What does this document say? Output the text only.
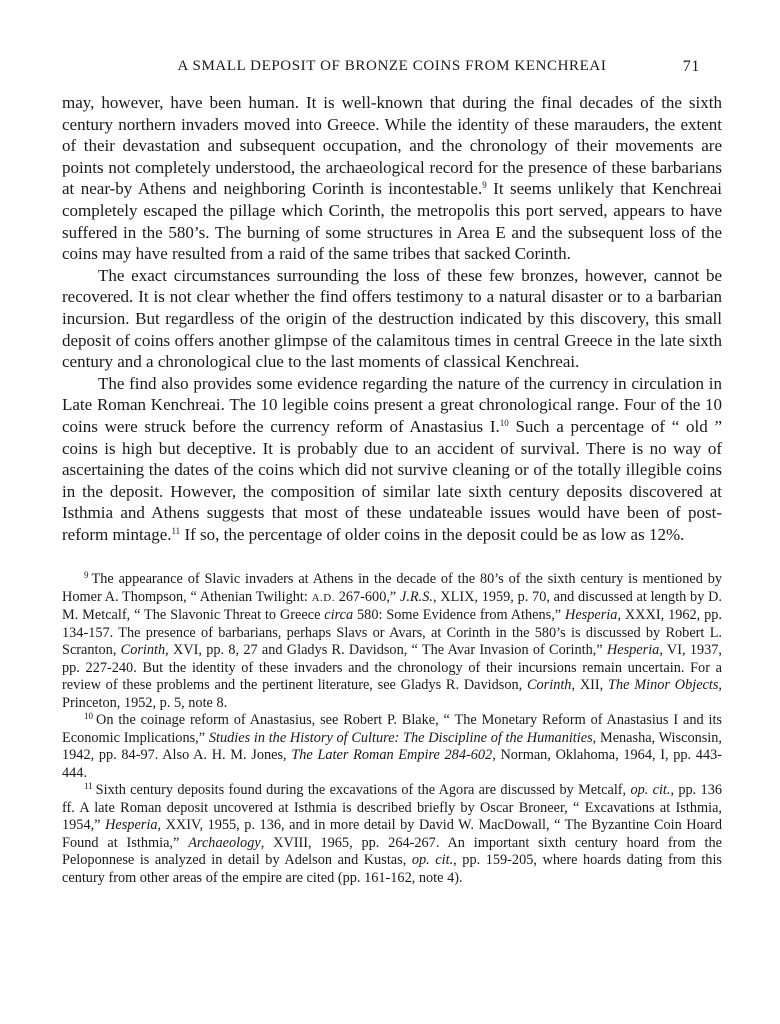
A SMALL DEPOSIT OF BRONZE COINS FROM KENCHREAI	71

may, however, have been human. It is well-known that during the final decades of the sixth century northern invaders moved into Greece. While the identity of these marauders, the extent of their devastation and subsequent occupation, and the chronology of their movements are points not completely understood, the archaeological record for the presence of these barbarians at near-by Athens and neighboring Corinth is incontestable.$^9$ It seems unlikely that Kenchreai completely escaped the pillage which Corinth, the metropolis this port served, appears to have suffered in the 580’s. The burning of some structures in Area E and the subsequent loss of the coins may have resulted from a raid of the same tribes that sacked Corinth.

The exact circumstances surrounding the loss of these few bronzes, however, cannot be recovered. It is not clear whether the find offers testimony to a natural disaster or to a barbarian incursion. But regardless of the origin of the destruction indicated by this discovery, this small deposit of coins offers another glimpse of the calamitous times in central Greece in the late sixth century and a chronological clue to the last moments of classical Kenchreai.

The find also provides some evidence regarding the nature of the currency in circulation in Late Roman Kenchreai. The 10 legible coins present a great chronological range. Four of the 10 coins were struck before the currency reform of Anastasius I.$^{10}$ Such a percentage of “ old ” coins is high but deceptive. It is probably due to an accident of survival. There is no way of ascertaining the dates of the coins which did not survive cleaning or of the totally illegible coins in the deposit. However, the composition of similar late sixth century deposits discovered at Isthmia and Athens suggests that most of these undateable issues would have been of post-reform mintage.$^{11}$ If so, the percentage of older coins in the deposit could be as low as 12%.

$^9$ The appearance of Slavic invaders at Athens in the decade of the 80’s of the sixth century is mentioned by Homer A. Thompson, “ Athenian Twilight: A.D. 267-600,” J.R.S., XLIX, 1959, p. 70, and discussed at length by D. M. Metcalf, “ The Slavonic Threat to Greece circa 580: Some Evidence from Athens,” Hesperia, XXXI, 1962, pp. 134-157. The presence of barbarians, perhaps Slavs or Avars, at Corinth in the 580’s is discussed by Robert L. Scranton, Corinth, XVI, pp. 8, 27 and Gladys R. Davidson, “ The Avar Invasion of Corinth,” Hesperia, VI, 1937, pp. 227-240. But the identity of these invaders and the chronology of their incursions remain uncertain. For a review of these problems and the pertinent literature, see Gladys R. Davidson, Corinth, XII, The Minor Objects, Princeton, 1952, p. 5, note 8.

$^{10}$ On the coinage reform of Anastasius, see Robert P. Blake, “ The Monetary Reform of Anastasius I and its Economic Implications,” Studies in the History of Culture: The Discipline of the Humanities, Menasha, Wisconsin, 1942, pp. 84-97. Also A. H. M. Jones, The Later Roman Empire 284-602, Norman, Oklahoma, 1964, I, pp. 443-444.

$^{11}$ Sixth century deposits found during the excavations of the Agora are discussed by Metcalf, op. cit., pp. 136 ff. A late Roman deposit uncovered at Isthmia is described briefly by Oscar Broneer, “ Excavations at Isthmia, 1954,” Hesperia, XXIV, 1955, p. 136, and in more detail by David W. MacDowall, “ The Byzantine Coin Hoard Found at Isthmia,” Archaeology, XVIII, 1965, pp. 264-267. An important sixth century hoard from the Peloponnese is analyzed in detail by Adelson and Kustas, op. cit., pp. 159-205, where hoards dating from this century from other areas of the empire are cited (pp. 161-162, note 4).
